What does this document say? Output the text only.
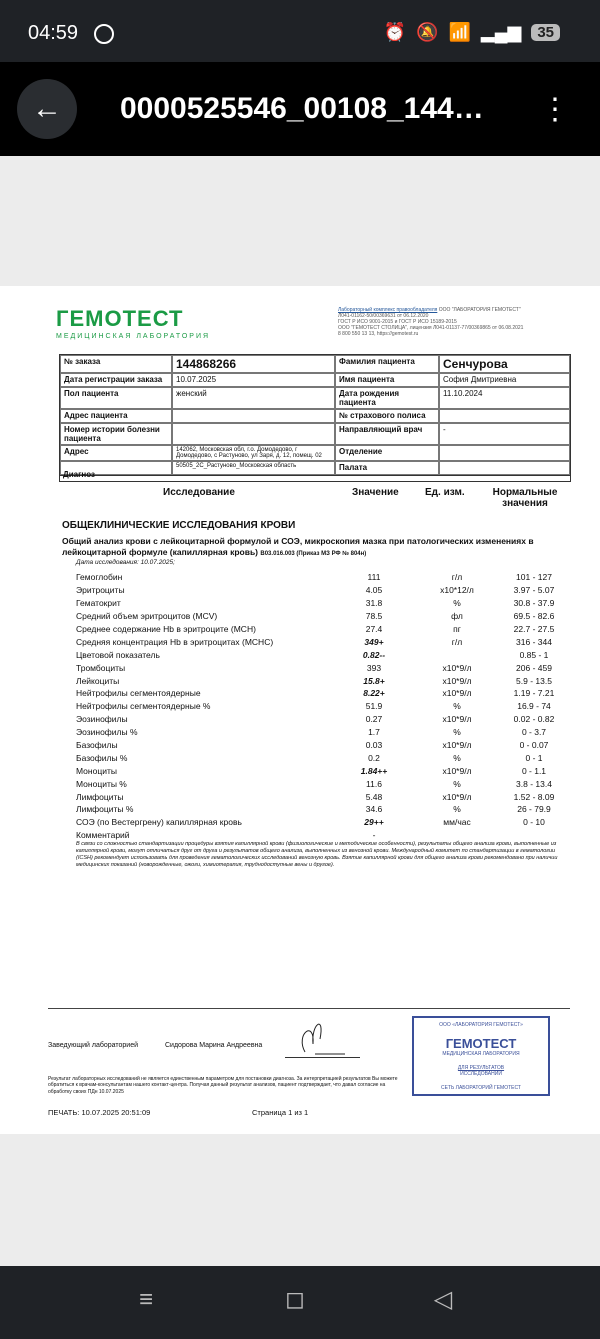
04:59	⏰ 🔕 📶 ▂▄▆	35
←	0000525546_00108_144… ⋮
ГЕМОТЕСТ
МЕДИЦИНСКАЯ ЛАБОРАТОРИЯ
Лабораторный комплекс правообладателя ООО "ЛАБОРАТОРИЯ ГЕМОТЕСТ"
Л041-01162-50/00369631 от 06.12.2020
ГОСТ Р ИСО 9001-2015 и ГОСТ Р ИСО 15189-2015
ООО "ГЕМОТЕСТ СТОЛИЦА", лицензия Л041-01137-77/00369865 от 06.08.2021
8 800 550 13 13, https://gemotest.ru
№ заказа	144868266	Фамилия пациента	Сенчурова
Дата регистрации заказа	10.07.2025	Имя пациента	София Дмитриевна
Пол пациента	женский	Дата рождения пациента	11.10.2024
Адрес пациента		№ страхового полиса	
Номер истории болезни пациента		Направляющий врач	-
Адрес	142062, Московская обл, г.о. Домодедово, г Домодедово, с Растуново, ул Заря, д. 12, помещ. 02	Отделение	
	50505_2С_Растуново_Московская область	Палата	
Диагноз
Исследование	Значение	Ед. изм.	Нормальные значения
ОБЩЕКЛИНИЧЕСКИЕ ИССЛЕДОВАНИЯ КРОВИ
Общий анализ крови с лейкоцитарной формулой и СОЭ, микроскопия мазка при патологических изменениях в лейкоцитарной формуле (капиллярная кровь) В03.016.003 (Приказ МЗ РФ № 804н)
Дата исследования: 10.07.2025;
Гемоглобин	111	г/л	101 - 127
Эритроциты	4.05	x10*12/л	3.97 - 5.07
Гематокрит	31.8	%	30.8 - 37.9
Средний объем эритроцитов (MCV)	78.5	фл	69.5 - 82.6
Среднее содержание Hb в эритроците (MCH)	27.4	пг	22.7 - 27.5
Средняя концентрация Hb в эритроцитах (MCHC)	349+	г/л	316 - 344
Цветовой показатель	0.82--		0.85 - 1
Тромбоциты	393	x10*9/л	206 - 459
Лейкоциты	15.8+	x10*9/л	5.9 - 13.5
Нейтрофилы сегментоядерные	8.22+	x10*9/л	1.19 - 7.21
Нейтрофилы сегментоядерные %	51.9	%	16.9 - 74
Эозинофилы	0.27	x10*9/л	0.02 - 0.82
Эозинофилы %	1.7	%	0 - 3.7
Базофилы	0.03	x10*9/л	0 - 0.07
Базофилы %	0.2	%	0 - 1
Моноциты	1.84++	x10*9/л	0 - 1.1
Моноциты %	11.6	%	3.8 - 13.4
Лимфоциты	5.48	x10*9/л	1.52 - 8.09
Лимфоциты %	34.6	%	26 - 79.9
СОЭ (по Вестергрену) капиллярная кровь	29++	мм/час	0 - 10
Комментарий	-		
В связи со сложностью стандартизации процедуры взятия капиллярной крови (физиологические и методические особенности), результаты общего анализа крови, выполненные из капиллярной крови, могут отличаться друг от друга и результатов общего анализа, выполненных из венозной крови. Международный комитет по стандартизации в гематологии (ICSH) рекомендует использовать для проведения гематологических исследований венозную кровь. Взятие капиллярной крови для общего анализа крови рекомендовано при наличии медицинских показаний (новорожденные, ожоги, химиотерапия, труднодоступные вены и другое).
Заведующий лабораторией	Сидорова Марина Андреевна
ООО «ЛАБОРАТОРИЯ ГЕМОТЕСТ»
ГЕМОТЕСТ
МЕДИЦИНСКАЯ ЛАБОРАТОРИЯ
ДЛЯ РЕЗУЛЬТАТОВ
ИССЛЕДОВАНИЙ
СЕТЬ ЛАБОРАТОРИЙ ГЕМОТЕСТ
Результат лабораторных исследований не является единственным параметром для постановки диагноза. За интерпретацией результатов Вы можете обратиться к врачам-консультантам нашего контакт-центра. Получая данный результат анализов, пациент подтверждает, что давал согласие на обработку своих ПДн 10.07.2025
ПЕЧАТЬ: 10.07.2025 20:51:09	Страница 1 из 1
≡	◻	◁
